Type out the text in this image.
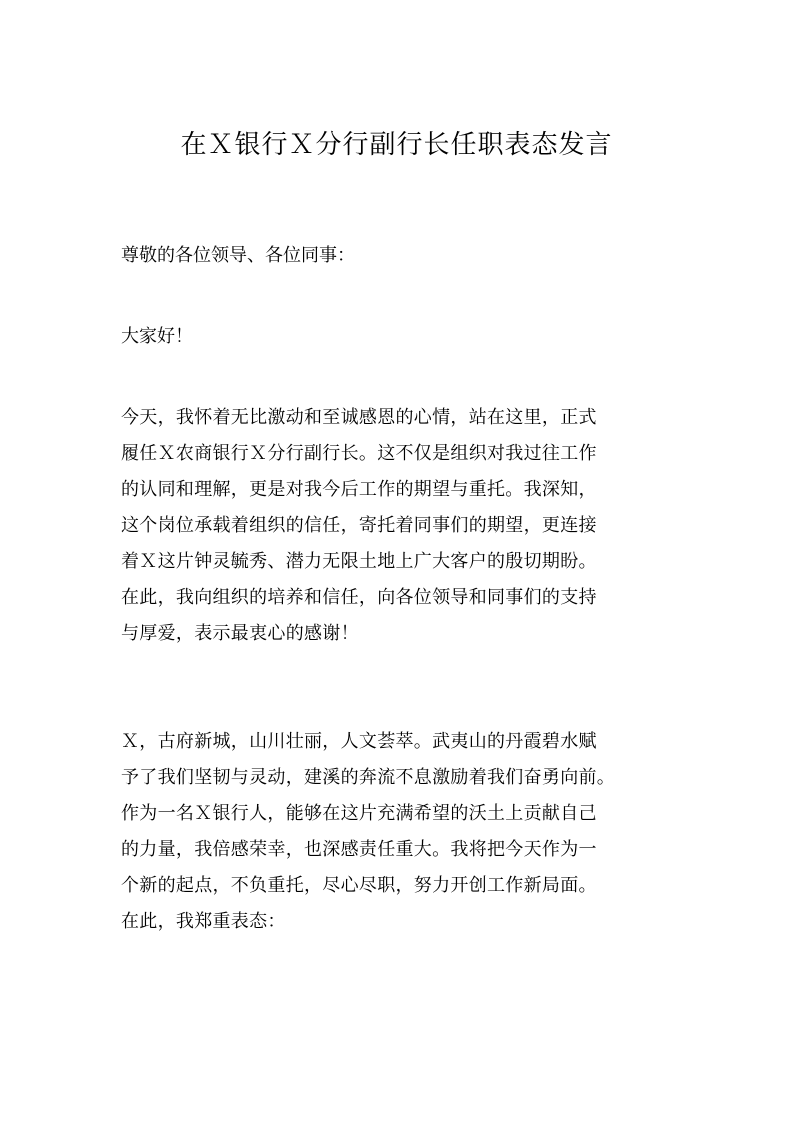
在Ｘ银行Ｘ分行副行长任职表态发言
尊敬的各位领导、各位同事：
大家好！
今天，我怀着无比激动和至诚感恩的心情，站在这里，正式
履任Ｘ农商银行Ｘ分行副行长。这不仅是组织对我过往工作
的认同和理解，更是对我今后工作的期望与重托。我深知，
这个岗位承载着组织的信任，寄托着同事们的期望，更连接
着Ｘ这片钟灵毓秀、潜力无限土地上广大客户的殷切期盼。
在此，我向组织的培养和信任，向各位领导和同事们的支持
与厚爱，表示最衷心的感谢！
Ｘ，古府新城，山川壮丽，人文荟萃。武夷山的丹霞碧水赋
予了我们坚韧与灵动，建溪的奔流不息激励着我们奋勇向前。
作为一名Ｘ银行人，能够在这片充满希望的沃土上贡献自己
的力量，我倍感荣幸，也深感责任重大。我将把今天作为一
个新的起点，不负重托，尽心尽职，努力开创工作新局面。
在此，我郑重表态：
